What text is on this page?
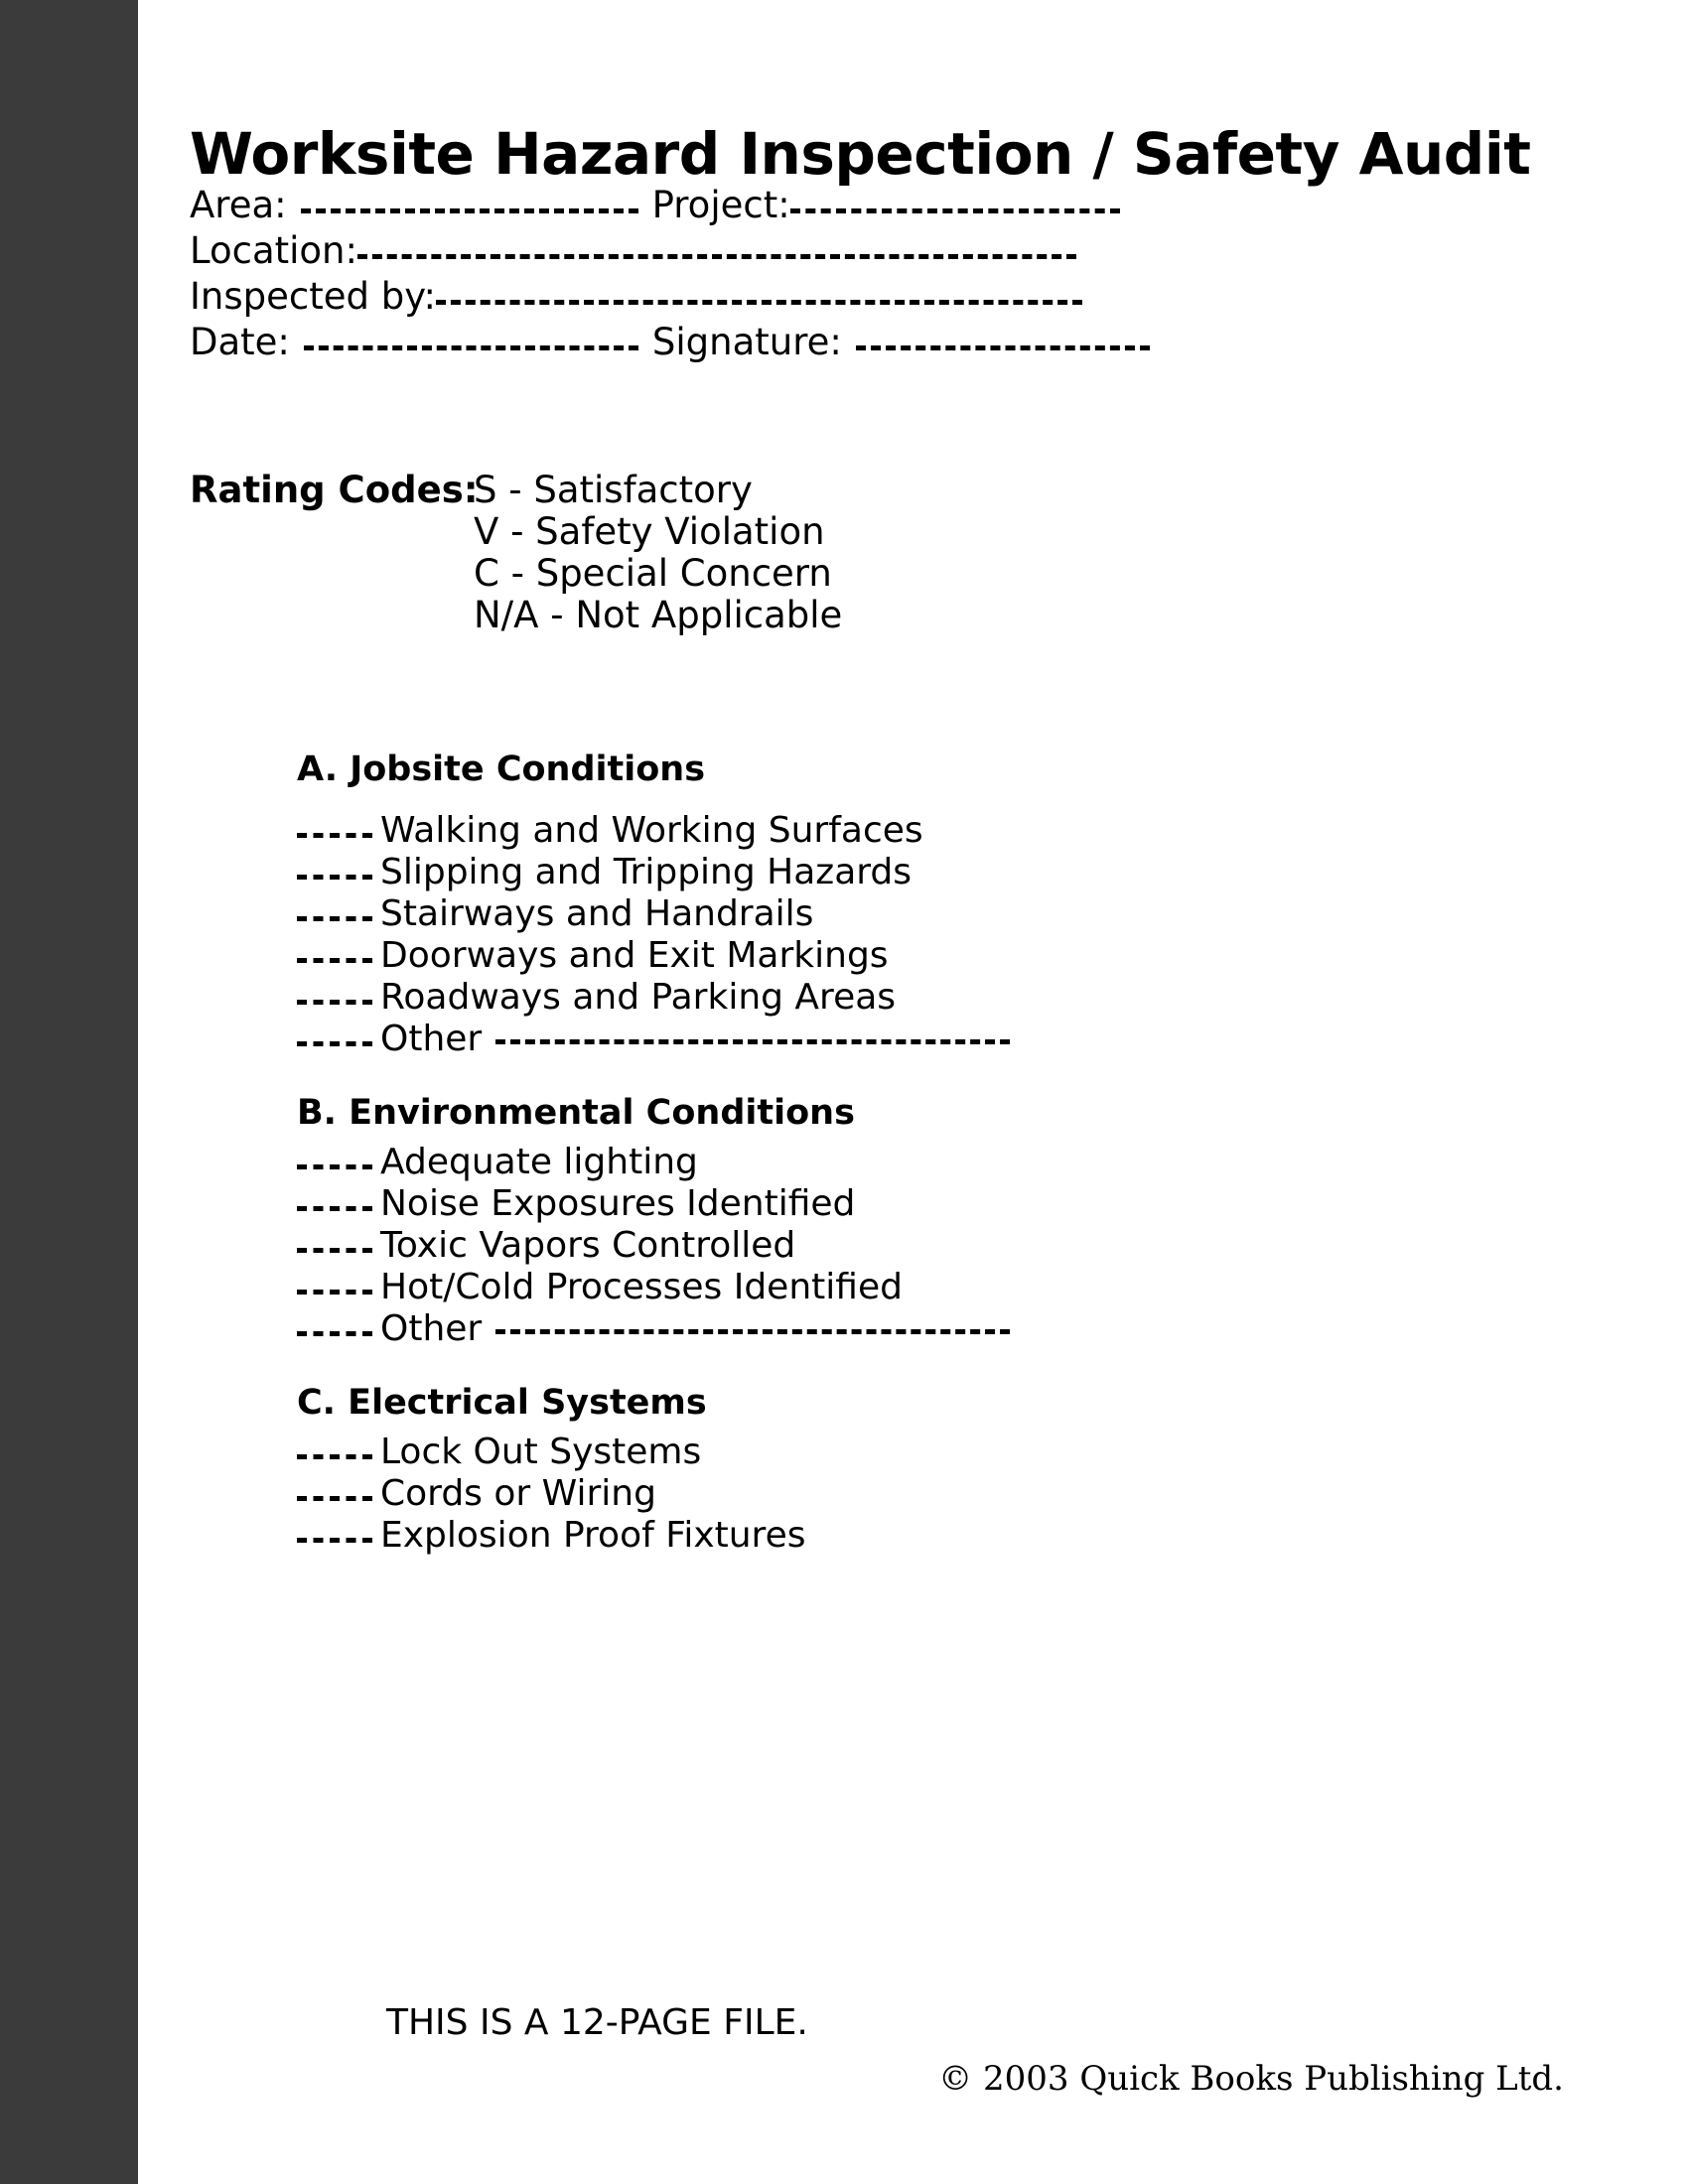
Worksite Hazard Inspection / Safety Audit
Area:	Project:
Location:
Inspected by:
Date:	Signature:
Rating Codes:
S - Satisfactory
V - Safety Violation
C - Special Concern
N/A - Not Applicable
A. Jobsite Conditions
Walking and Working Surfaces
Slipping and Tripping Hazards
Stairways and Handrails
Doorways and Exit Markings
Roadways and Parking Areas
Other
B. Environmental Conditions
Adequate lighting
Noise Exposures Identified
Toxic Vapors Controlled
Hot/Cold Processes Identified
Other
C. Electrical Systems
Lock Out Systems
Cords or Wiring
Explosion Proof Fixtures
THIS IS A 12-PAGE FILE.
© 2003 Quick Books Publishing Ltd.
